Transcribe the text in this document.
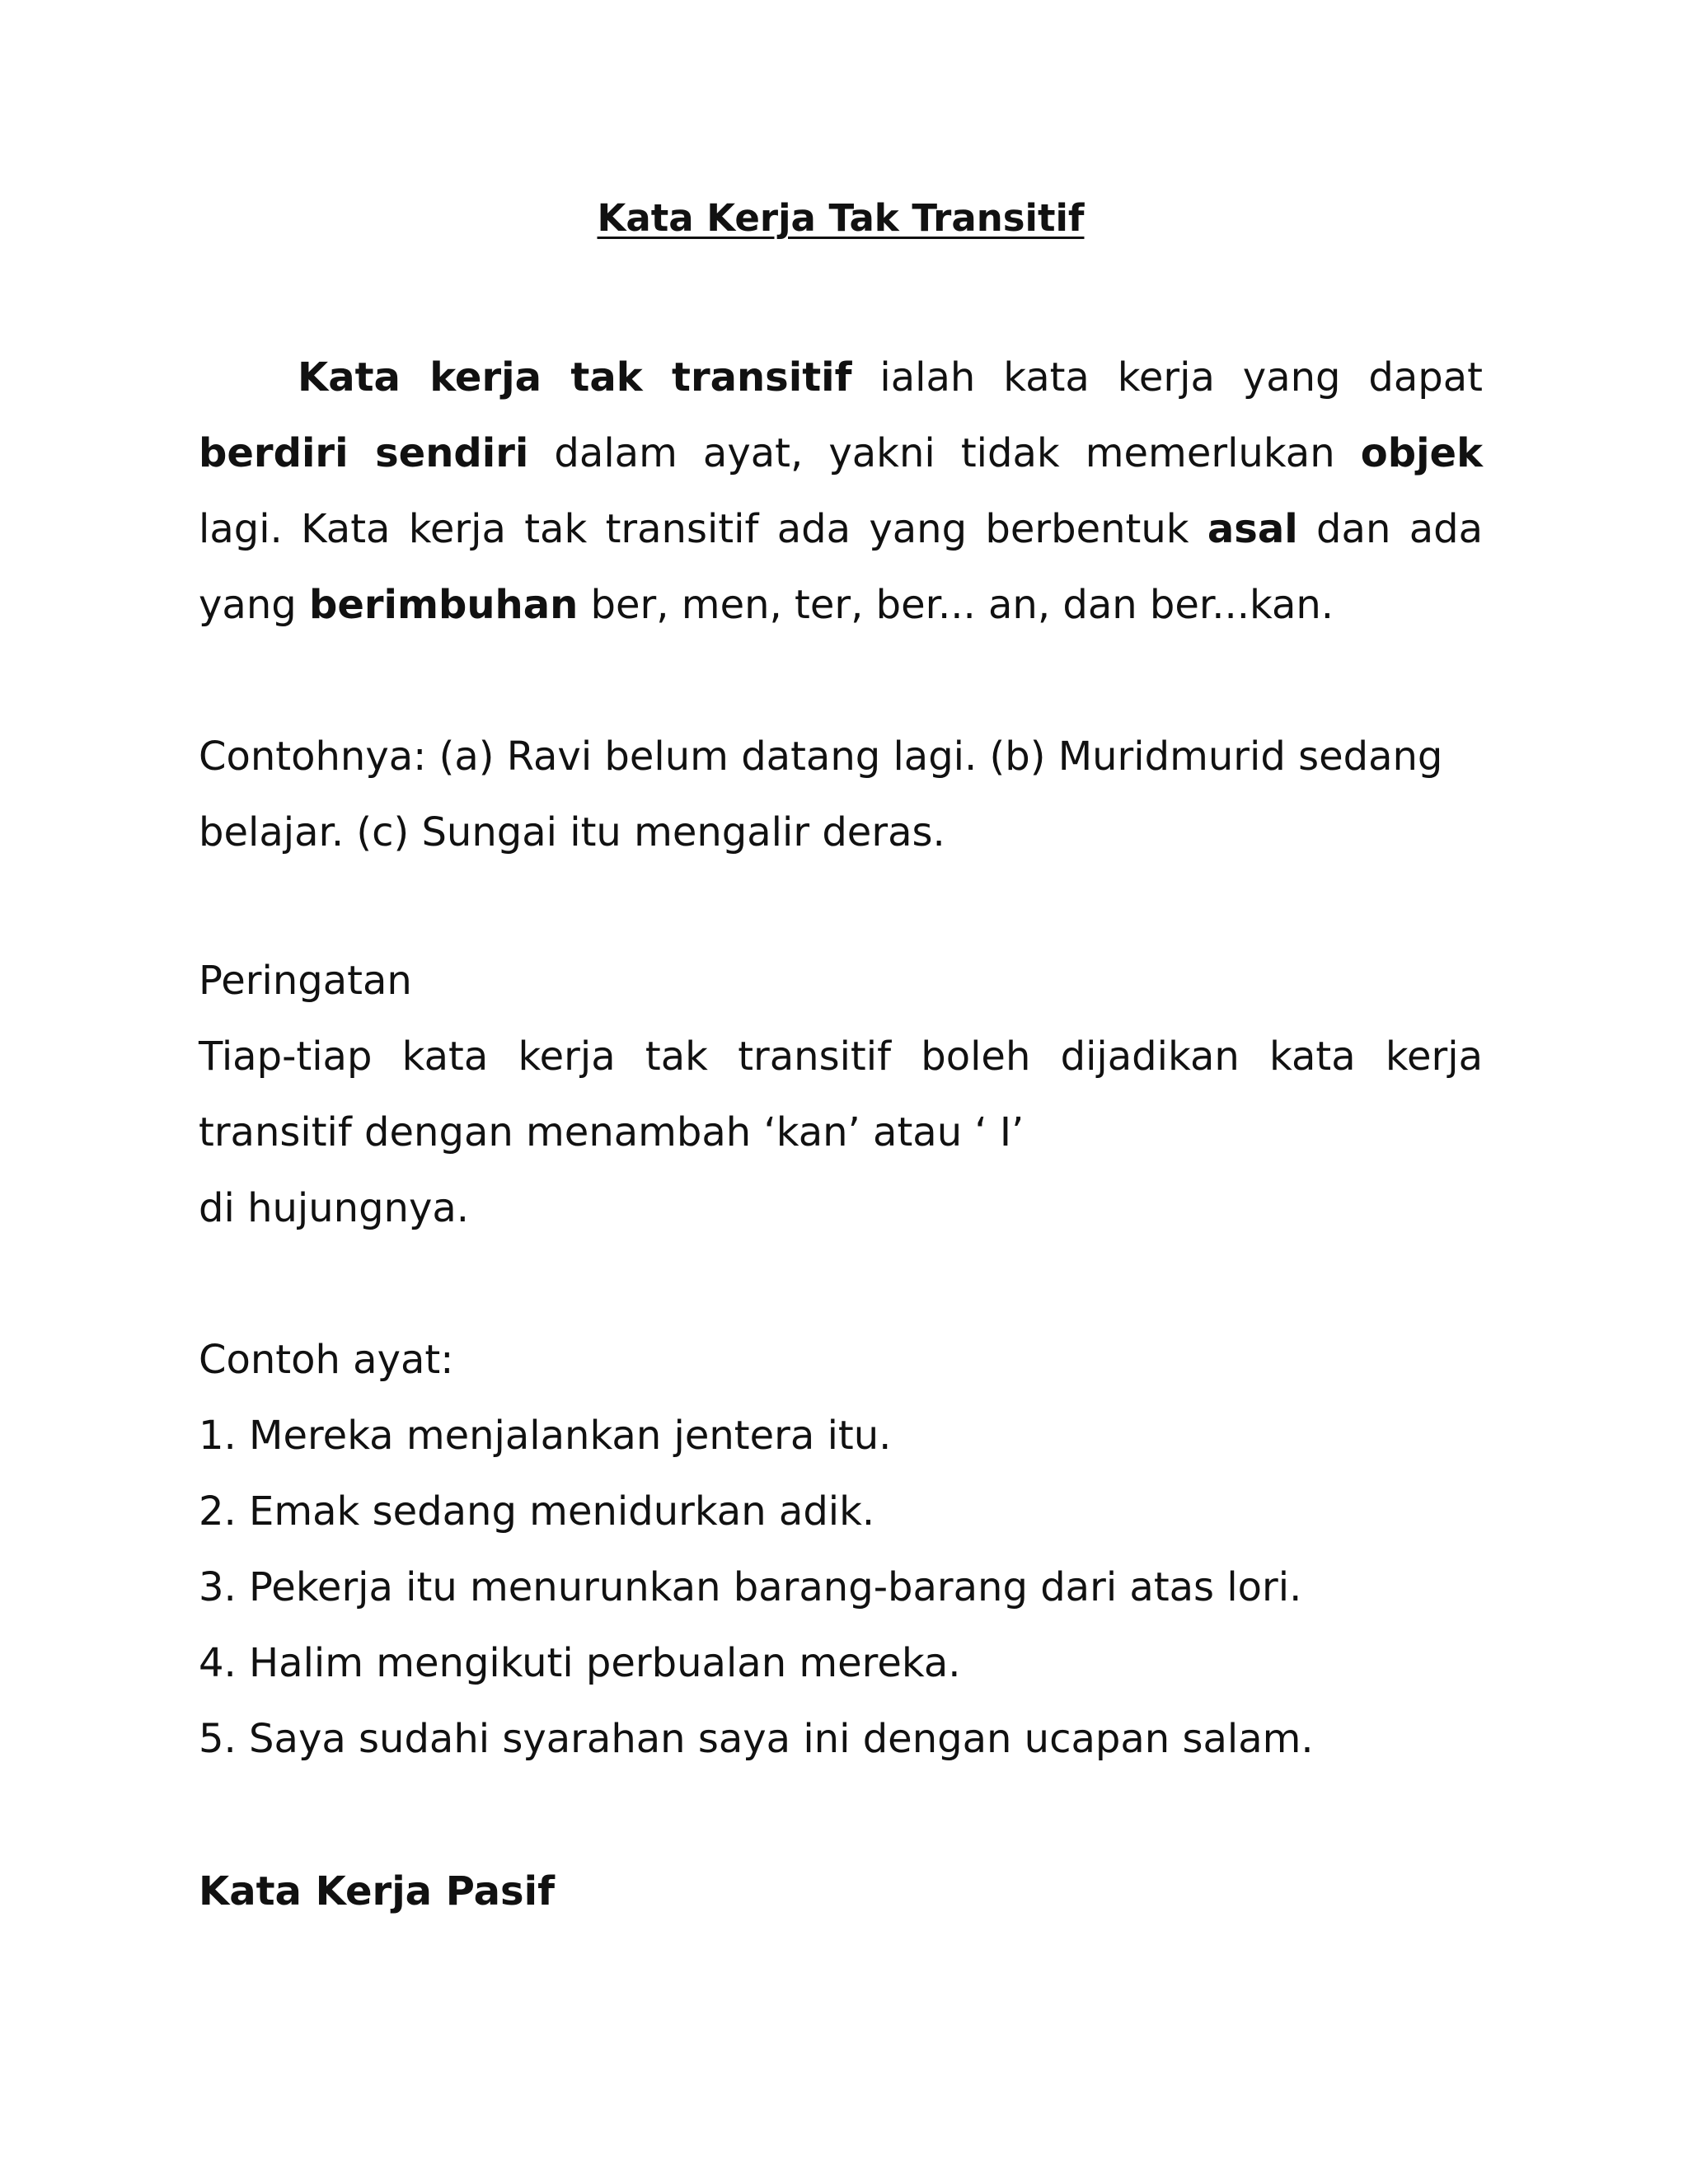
Kata Kerja Tak Transitif

Kata kerja tak transitif ialah kata kerja yang dapat berdiri sendiri dalam ayat, yakni tidak memerlukan objek lagi. Kata kerja tak transitif ada yang berbentuk asal dan ada yang berimbuhan ber, men, ter, ber... an, dan ber...kan.

Contohnya: (a) Ravi belum datang lagi. (b) Muridmurid sedang belajar. (c) Sungai itu mengalir deras.

Peringatan
Tiap-tiap kata kerja tak transitif boleh dijadikan kata kerja
transitif dengan menambah ‘kan’ atau ‘ I’
di hujungnya.
Contoh ayat:
1. Mereka menjalankan jentera itu.
2. Emak sedang menidurkan adik.
3. Pekerja itu menurunkan barang-barang dari atas lori.
4. Halim mengikuti perbualan mereka.
5. Saya sudahi syarahan saya ini dengan ucapan salam.
Kata Kerja Pasif
